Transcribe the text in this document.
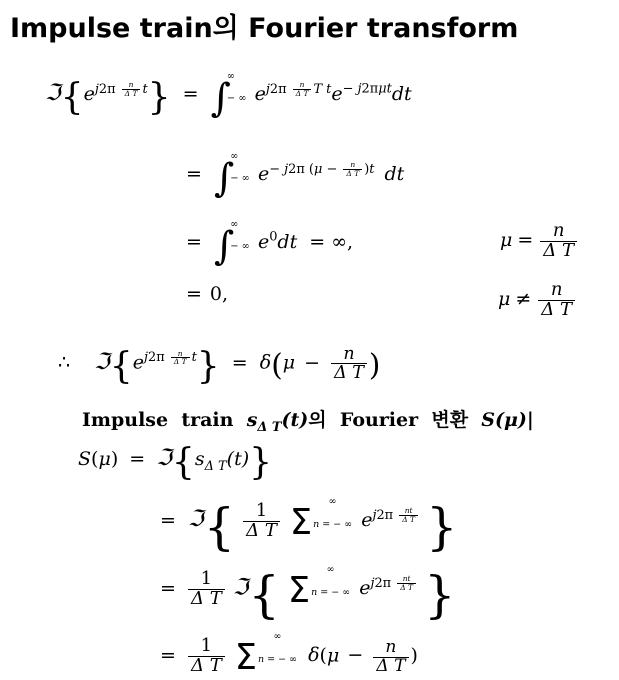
Impulse train의 Fourier transform
$ℑ\{e^{j2\pi \frac{n}{\text{Δ T}} t}\}$ = ∫
∞
− ∞ $e^{j2\pi \frac{n}{\text{Δ T}} T t}e^{- j2\pi\mu t}dt$
= ∫
∞
− ∞ $e^{- j2\pi (\mu - \frac{n}{\text{Δ T}} )t}$ dt
= ∫
∞
− ∞ $e^0dt$ = ∞,	$\mu = \frac{n}{\text{Δ T}}$
= 0,	$\mu \ne \frac{n}{\text{Δ T}}$
∴ $ℑ\{e^{j2\pi \frac{n}{\text{Δ T}} t}\} = \delta(\mu - \frac{n}{\text{Δ T}}$ )
Impulse  train  $s_{\Delta T}(t)$의  Fourier  변환  S(μ)|
$S(\mu) = ℑ\{s_{\Delta T}(t)\}$
= ℑ{ $\frac{1}{\text{Δ T}}$ Σ
∞
n = − ∞ $e^{j2\pi \frac{nt}{\text{Δ T}}}$ }
= $\frac{1}{\text{Δ T}}$ ℑ{ Σ
∞
n = − ∞ $e^{j2\pi \frac{nt}{\text{Δ T}}}$ }
= $\frac{1}{\text{Δ T}}$ Σ
∞
n = − ∞ $\delta(\mu - \frac{n}{\text{Δ T}}$ )
